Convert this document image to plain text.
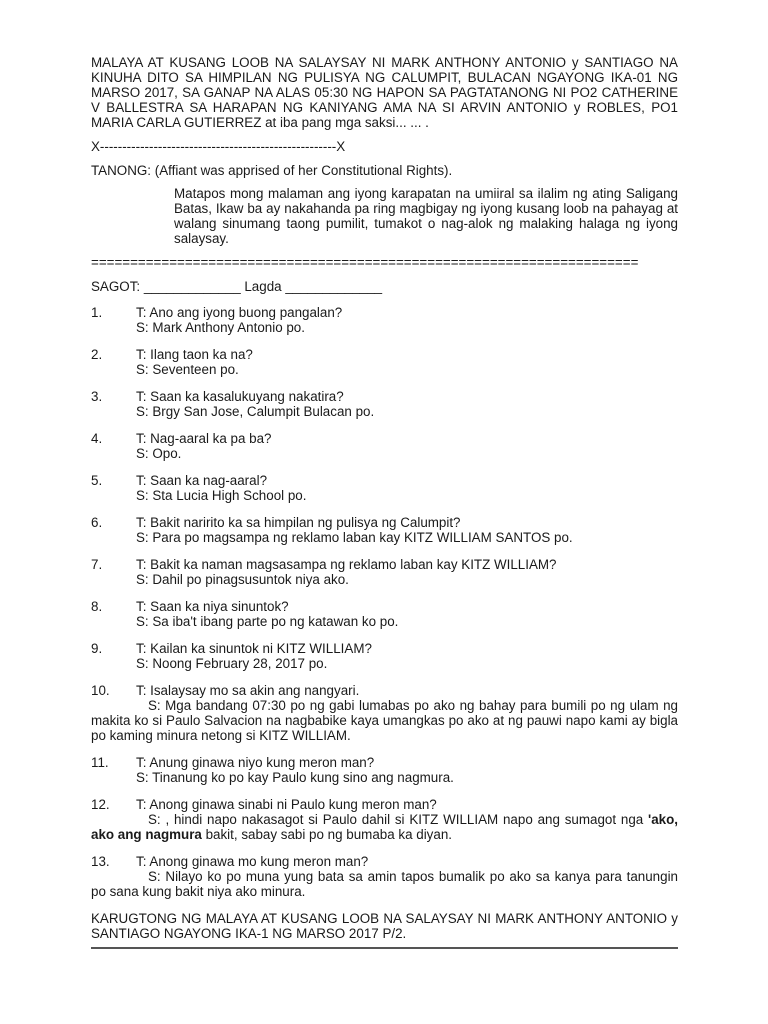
MALAYA AT KUSANG LOOB NA SALAYSAY NI MARK ANTHONY ANTONIO y SANTIAGO NA KINUHA DITO SA HIMPILAN NG PULISYA NG CALUMPIT, BULACAN NGAYONG IKA-01 NG MARSO 2017, SA GANAP NA ALAS 05:30 NG HAPON SA PAGTATANONG NI PO2 CATHERINE V BALLESTRA SA HARAPAN NG KANIYANG AMA NA SI ARVIN ANTONIO y ROBLES, PO1 MARIA CARLA GUTIERREZ at iba pang mga saksi... ... .

X-----------------------------------------------------X
TANONG: (Affiant was apprised of her Constitutional Rights).
Matapos mong malaman ang iyong karapatan na umiiral sa ilalim ng ating Saligang Batas, Ikaw ba ay nakahanda pa ring magbigay ng iyong kusang loob na pahayag at walang sinumang taong pumilit, tumakot o nag-alok ng malaking halaga ng iyong salaysay.
======================================================================
SAGOT: _____________ Lagda _____________
1.	T: Ano ang iyong buong pangalan?
S: Mark Anthony Antonio po.
2.	T: Ilang taon ka na?
S: Seventeen po.
3.	T: Saan ka kasalukuyang nakatira?
S: Brgy San Jose, Calumpit Bulacan po.
4.	T: Nag-aaral ka pa ba?
S: Opo.
5.	T: Saan ka nag-aaral?
S: Sta Lucia High School po.
6.	T: Bakit naririto ka sa himpilan ng pulisya ng Calumpit?
S: Para po magsampa ng reklamo laban kay KITZ WILLIAM SANTOS po.
7.	T: Bakit ka naman magsasampa ng reklamo laban kay KITZ WILLIAM?
S: Dahil po pinagsusuntok niya ako.
8.	T: Saan ka niya sinuntok?
S: Sa iba't ibang parte po ng katawan ko po.
9.	T: Kailan ka sinuntok ni KITZ WILLIAM?
S: Noong February 28, 2017 po.
10.	T: Isalaysay mo sa akin ang nangyari.
S: Mga bandang 07:30 po ng gabi lumabas po ako ng bahay para bumili po ng ulam ng makita ko si Paulo Salvacion na nagbabike kaya umangkas po ako at ng pauwi napo kami ay bigla po kaming minura netong si KITZ WILLIAM.
11.	T: Anung ginawa niyo kung meron man?
S: Tinanung ko po kay Paulo kung sino ang nagmura.
12.	T: Anong ginawa sinabi ni Paulo kung meron man?
S: , hindi napo nakasagot si Paulo dahil si KITZ WILLIAM napo ang sumagot nga 'ako, ako ang nagmura bakit, sabay sabi po ng bumaba ka diyan.
13.	T: Anong ginawa mo kung meron man?
S: Nilayo ko po muna yung bata sa amin tapos bumalik po ako sa kanya para tanungin po sana kung bakit niya ako minura.
KARUGTONG NG MALAYA AT KUSANG LOOB NA SALAYSAY NI MARK ANTHONY ANTONIO y SANTIAGO NGAYONG IKA-1 NG MARSO 2017 P/2.
